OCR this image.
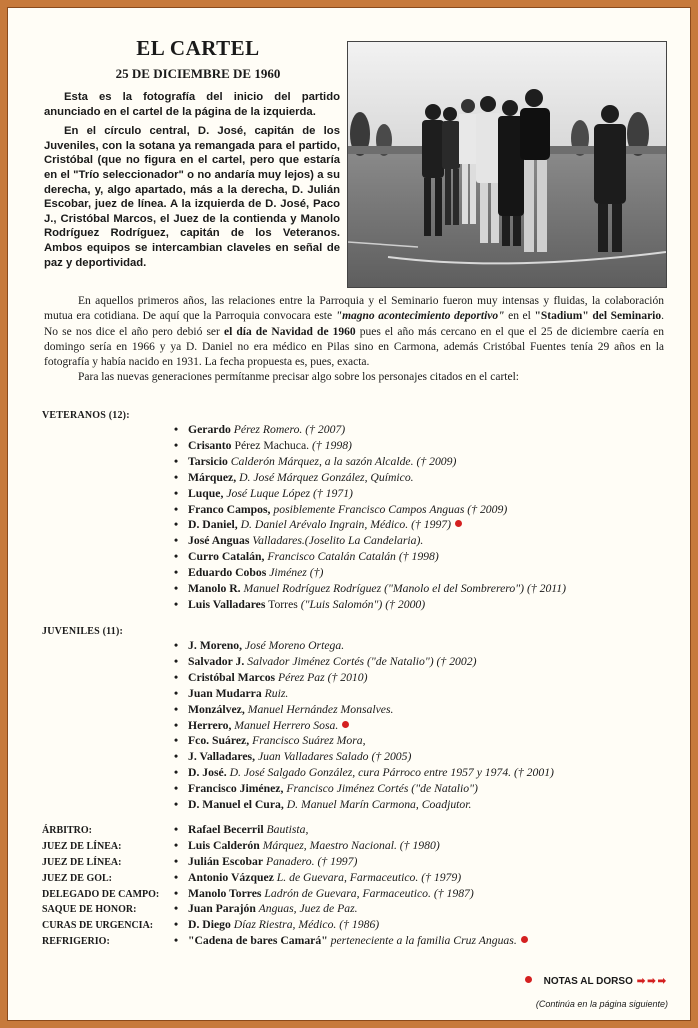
EL CARTEL
25 DE DICIEMBRE DE 1960

Esta es la fotografía del inicio del partido anunciado en el cartel de la página de la izquierda.

En el círculo central, D. José, capitán de los Juveniles, con la sotana ya remangada para el partido, Cristóbal (que no figura en el cartel, pero que estaría en el "Trío seleccionador" o no andaría muy lejos) a su derecha, y, algo apartado, más a la derecha, D. Julián Escobar, juez de línea. A la izquierda de D. José, Paco J., Cristóbal Marcos, el Juez de la contienda y Manolo Rodríguez Rodríguez, capitán de los Veteranos. Ambos equipos se intercambian claveles en señal de paz y deportividad.

En aquellos primeros años, las relaciones entre la Parroquia y el Seminario fueron muy intensas y fluidas, la colaboración mutua era cotidiana. De aquí que la Parroquia convocara este "magno acontecimiento deportivo" en el "Stadium" del Seminario. No se nos dice el año pero debió ser el día de Navidad de 1960 pues el año más cercano en el que el 25 de diciembre caería en domingo sería en 1966 y ya D. Daniel no era médico en Pilas sino en Carmona, además Cristóbal Fuentes tenía 29 años en la fotografía y había nacido en 1931. La fecha propuesta es, pues, exacta.

Para las nuevas generaciones permítanme precisar algo sobre los personajes citados en el cartel:

VETERANOS (12):
• Gerardo Pérez Romero. († 2007)
• Crisanto Pérez Machuca. († 1998)
• Tarsicio Calderón Márquez, a la sazón Alcalde. († 2009)
• Márquez, D. José Márquez González, Químico.
• Luque, José Luque López († 1971)
• Franco Campos, posiblemente Francisco Campos Anguas († 2009)
• D. Daniel, D. Daniel Arévalo Ingrain, Médico. († 1997)
• José Anguas Valladares.(Joselito La Candelaria).
• Curro Catalán, Francisco Catalán Catalán († 1998)
• Eduardo Cobos Jiménez (†)
• Manolo R. Manuel Rodríguez Rodríguez ("Manolo el del Sombrerero") († 2011)
• Luis Valladares Torres ("Luis Salomón") († 2000)
JUVENILES (11):
• J. Moreno, José Moreno Ortega.
• Salvador J. Salvador Jiménez Cortés ("de Natalio") († 2002)
• Cristóbal Marcos Pérez Paz († 2010)
• Juan Mudarra Ruiz.
• Monzálvez, Manuel Hernández Monsalves.
• Herrero, Manuel Herrero Sosa.
• Fco. Suárez, Francisco Suárez Mora,
• J. Valladares, Juan Valladares Salado († 2005)
• D. José. D. José Salgado González, cura Párroco entre 1957 y 1974. († 2001)
• Francisco Jiménez, Francisco Jiménez Cortés ("de Natalio")
• D. Manuel el Cura, D. Manuel Marín Carmona, Coadjutor.
ÁRBITRO:	• Rafael Becerril Bautista,
JUEZ DE LÍNEA:	• Luis Calderón Márquez, Maestro Nacional. († 1980)
JUEZ DE LÍNEA:	• Julián Escobar Panadero. († 1997)
JUEZ DE GOL:	• Antonio Vázquez L. de Guevara, Farmaceutico. († 1979)
DELEGADO DE CAMPO: • Manolo Torres Ladrón de Guevara, Farmaceutico. († 1987)
SAQUE DE HONOR:	• Juan Parajón Anguas, Juez de Paz.
CURAS DE URGENCIA:	• D. Diego Díaz Riestra, Médico. († 1986)
REFRIGERIO:	• "Cadena de bares Camará" perteneciente a la familia Cruz Anguas.
NOTAS AL DORSO ➡➡➡
(Continúa en la página siguiente)
